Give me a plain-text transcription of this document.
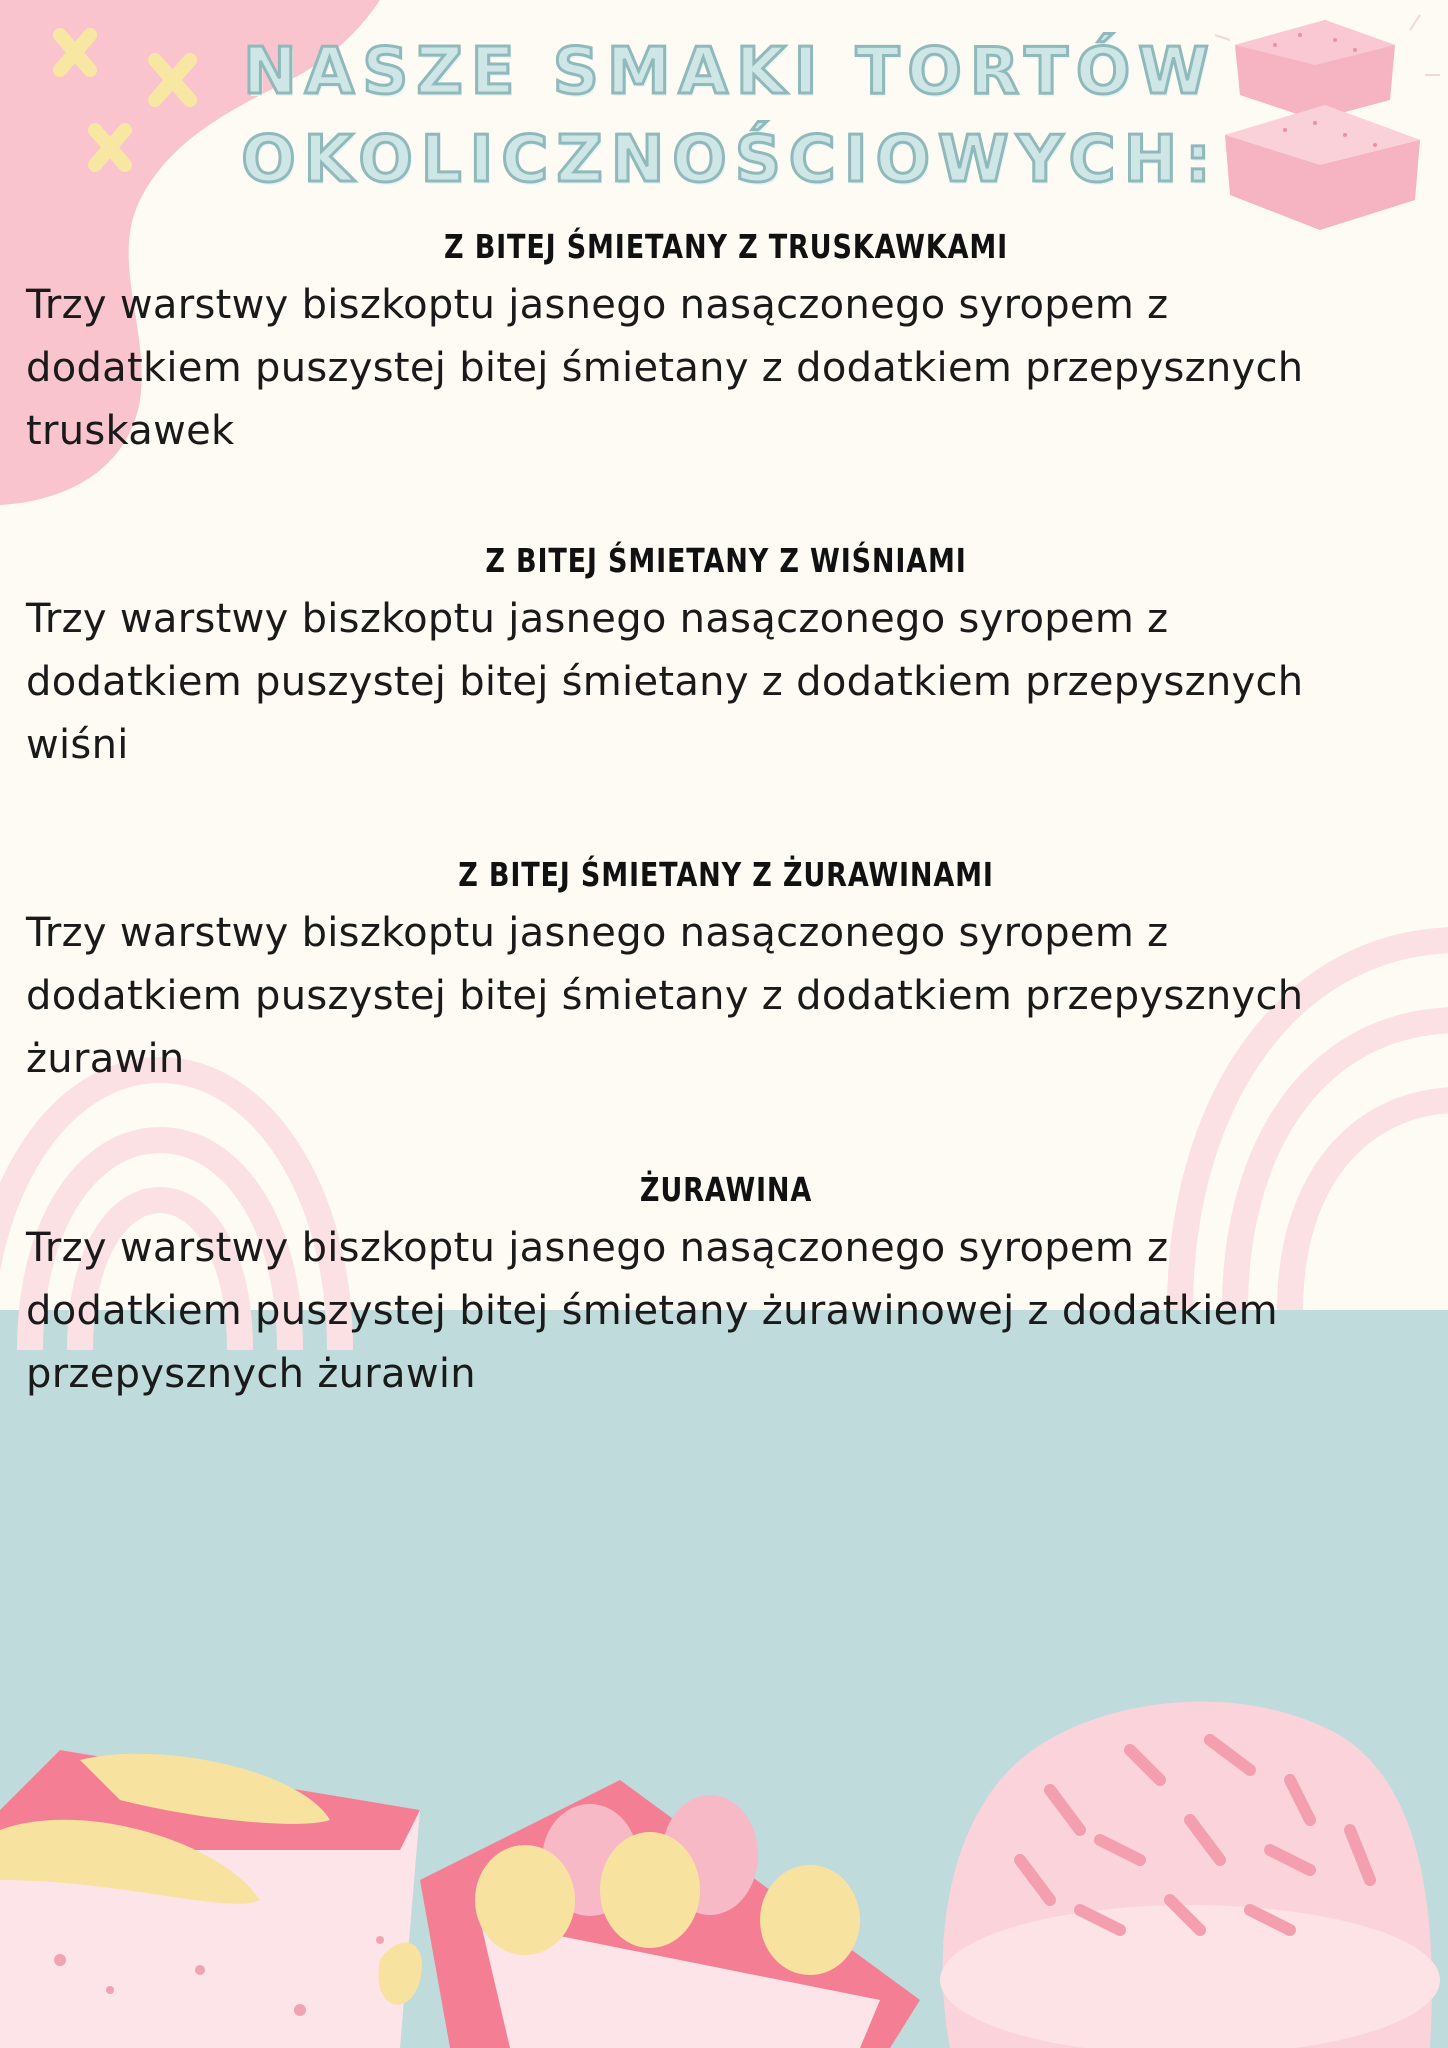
NASZE SMAKI TORTÓW
OKOLICZNOŚCIOWYCH:
Z BITEJ ŚMIETANY Z TRUSKAWKAMI

Trzy warstwy biszkoptu jasnego nasączonego syropem z
dodatkiem puszystej bitej śmietany z dodatkiem przepysznych
truskawek

Z BITEJ ŚMIETANY Z WIŚNIAMI

Trzy warstwy biszkoptu jasnego nasączonego syropem z
dodatkiem puszystej bitej śmietany z dodatkiem przepysznych
wiśni

Z BITEJ ŚMIETANY Z ŻURAWINAMI

Trzy warstwy biszkoptu jasnego nasączonego syropem z
dodatkiem puszystej bitej śmietany z dodatkiem przepysznych
żurawin

ŻURAWINA

Trzy warstwy biszkoptu jasnego nasączonego syropem z
dodatkiem puszystej bitej śmietany żurawinowej z dodatkiem
przepysznych żurawin
